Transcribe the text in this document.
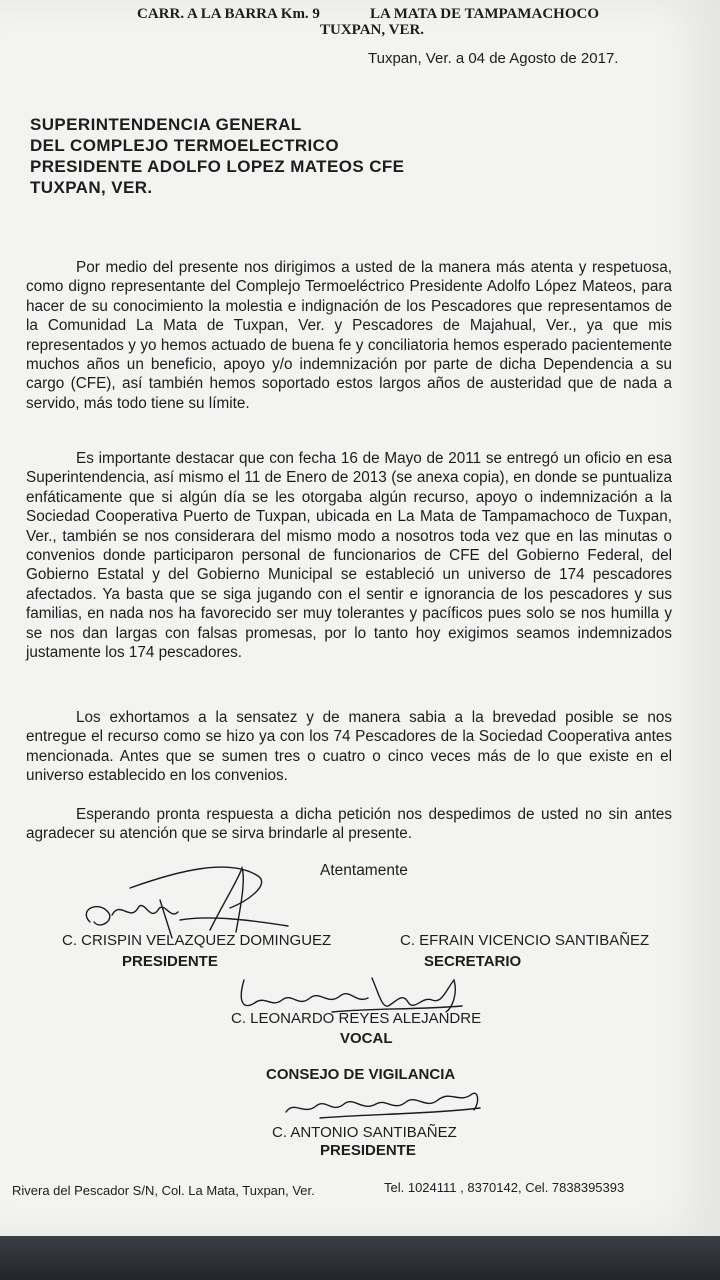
CARR. A LA BARRA Km. 9	LA MATA DE TAMPAMACHOCO
TUXPAN, VER.
Tuxpan, Ver. a 04 de Agosto de 2017.
SUPERINTENDENCIA GENERAL
DEL COMPLEJO TERMOELECTRICO
PRESIDENTE ADOLFO LOPEZ MATEOS CFE
TUXPAN, VER.
Por medio del presente nos dirigimos a usted de la manera más atenta y respetuosa, como digno representante del Complejo Termoeléctrico Presidente Adolfo López Mateos, para hacer de su conocimiento la molestia e indignación de los Pescadores que representamos de la Comunidad La Mata de Tuxpan, Ver. y Pescadores de Majahual, Ver., ya que mis representados y yo hemos actuado de buena fe y conciliatoria hemos esperado pacientemente muchos años un beneficio, apoyo y/o indemnización por parte de dicha Dependencia a su cargo (CFE), así también hemos soportado estos largos años de austeridad que de nada a servido, más todo tiene su límite.
Es importante destacar que con fecha 16 de Mayo de 2011 se entregó un oficio en esa Superintendencia, así mismo el 11 de Enero de 2013 (se anexa copia), en donde se puntualiza enfáticamente que si algún día se les otorgaba algún recurso, apoyo o indemnización a la Sociedad Cooperativa Puerto de Tuxpan, ubicada en La Mata de Tampamachoco de Tuxpan, Ver., también se nos considerara del mismo modo a nosotros toda vez que en las minutas o convenios donde participaron personal de funcionarios de CFE del Gobierno Federal, del Gobierno Estatal y del Gobierno Municipal se estableció un universo de 174 pescadores afectados. Ya basta que se siga jugando con el sentir e ignorancia de los pescadores y sus familias, en nada nos ha favorecido ser muy tolerantes y pacíficos pues solo se nos humilla y se nos dan largas con falsas promesas, por lo tanto hoy exigimos seamos indemnizados justamente los 174 pescadores.
Los exhortamos a la sensatez y de manera sabia a la brevedad posible se nos entregue el recurso como se hizo ya con los 74 Pescadores de la Sociedad Cooperativa antes mencionada. Antes que se sumen tres o cuatro o cinco veces más de lo que existe en el universo establecido en los convenios.
Esperando pronta respuesta a dicha petición nos despedimos de usted no sin antes agradecer su atención que se sirva brindarle al presente.
Atentamente
C. CRISPIN VELAZQUEZ DOMINGUEZ
PRESIDENTE
C. EFRAIN VICENCIO SANTIBAÑEZ
SECRETARIO
C. LEONARDO REYES ALEJANDRE
VOCAL
CONSEJO DE VIGILANCIA
C. ANTONIO SANTIBAÑEZ
PRESIDENTE
Rivera del Pescador S/N, Col. La Mata, Tuxpan, Ver.	Tel. 1024111 , 8370142, Cel. 7838395393
